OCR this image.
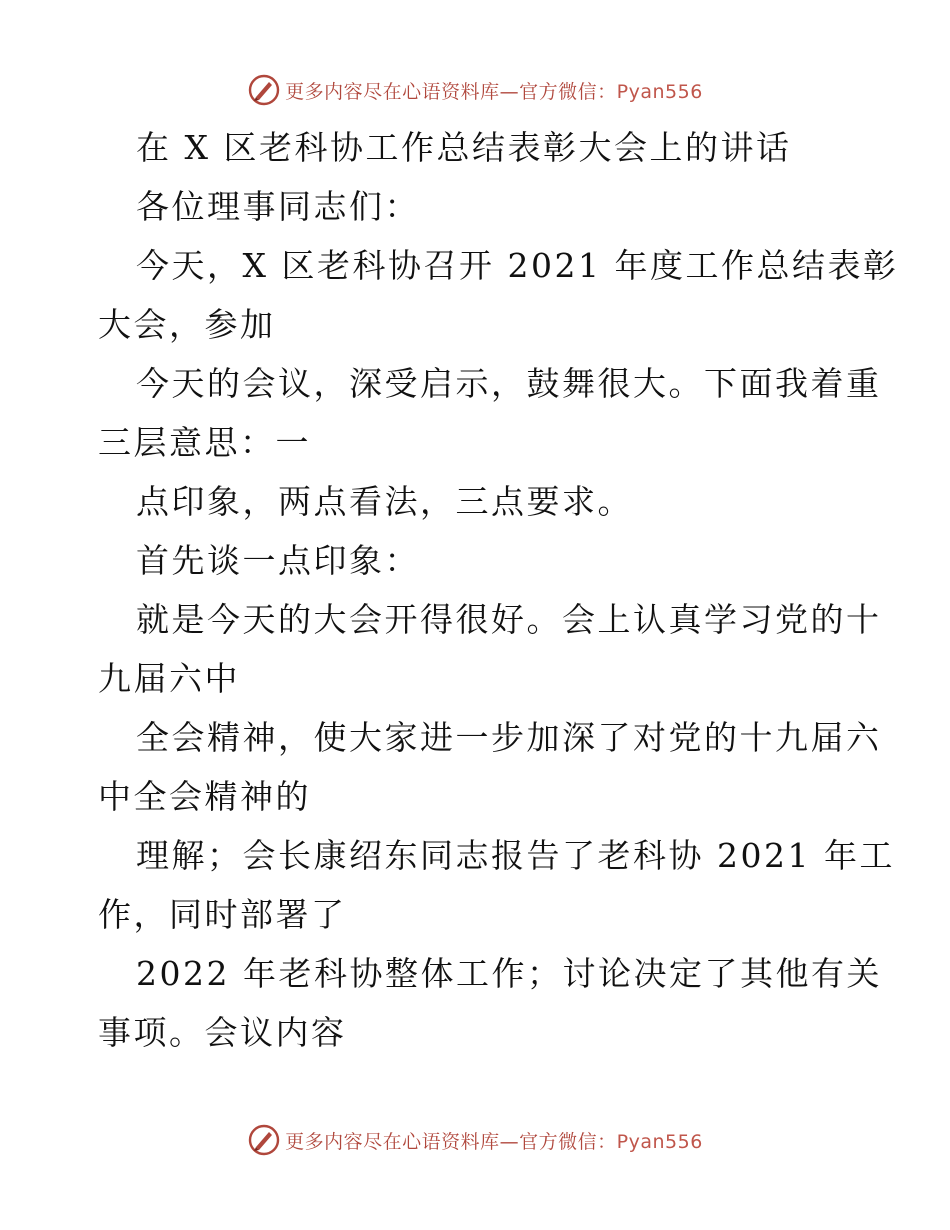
更多内容尽在心语资料库—官方微信：Pyan556
在 X 区老科协工作总结表彰大会上的讲话
各位理事同志们：
今天，X 区老科协召开 2021 年度工作总结表彰
大会，参加
今天的会议，深受启示，鼓舞很大。下面我着重
三层意思：一
点印象，两点看法，三点要求。
首先谈一点印象：
就是今天的大会开得很好。会上认真学习党的十
九届六中
全会精神，使大家进一步加深了对党的十九届六
中全会精神的
理解；会长康绍东同志报告了老科协 2021 年工
作，同时部署了
2022 年老科协整体工作；讨论决定了其他有关
事项。会议内容
更多内容尽在心语资料库—官方微信：Pyan556
